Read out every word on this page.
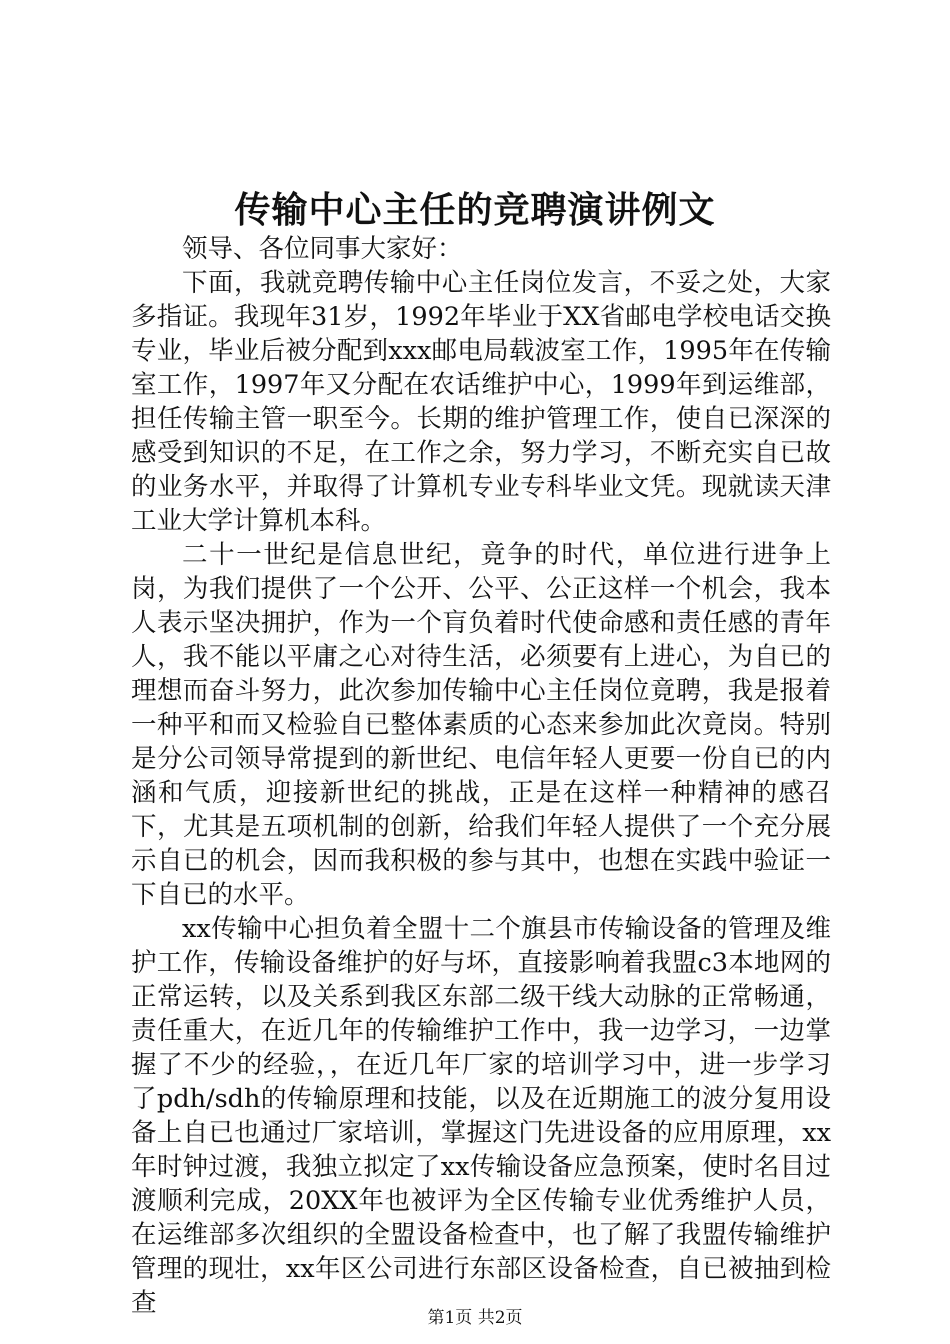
传输中心主任的竞聘演讲例文

领导、各位同事大家好：

下面，我就竞聘传输中心主任岗位发言，不妥之处，大家多指证。我现年31岁，1992年毕业于XX省邮电学校电话交换专业，毕业后被分配到xxx邮电局载波室工作，1995年在传输室工作，1997年又分配在农话维护中心，1999年到运维部，担任传输主管一职至今。长期的维护管理工作，使自已深深的感受到知识的不足，在工作之余，努力学习，不断充实自已故的业务水平，并取得了计算机专业专科毕业文凭。现就读天津工业大学计算机本科。

二十一世纪是信息世纪，竟争的时代，单位进行进争上岗，为我们提供了一个公开、公平、公正这样一个机会，我本人表示坚决拥护，作为一个肓负着时代使命感和责任感的青年人，我不能以平庸之心对待生活，必须要有上进心，为自已的理想而奋斗努力，此次参加传输中心主任岗位竟聘，我是报着一种平和而又检验自已整体素质的心态来参加此次竟岗。特别是分公司领导常提到的新世纪、电信年轻人更要一份自已的内涵和气质，迎接新世纪的挑战，正是在这样一种精神的感召下，尤其是五项机制的创新，给我们年轻人提供了一个充分展示自已的机会，因而我积极的参与其中，也想在实践中验证一下自已的水平。

xx传输中心担负着全盟十二个旗县市传输设备的管理及维护工作，传输设备维护的好与坏，直接影响着我盟c3本地网的正常运转，以及关系到我区东部二级干线大动脉的正常畅通，责任重大，在近几年的传输维护工作中，我一边学习，一边掌握了不少的经验，，在近几年厂家的培训学习中，进一步学习了pdh/sdh的传输原理和技能，以及在近期施工的波分复用设备上自已也通过厂家培训，掌握这门先进设备的应用原理，xx年时钟过渡，我独立拟定了xx传输设备应急预案，使时名目过渡顺利完成，20XX年也被评为全区传输专业优秀维护人员，在运维部多次组织的全盟设备检查中，也了解了我盟传输维护管理的现壮，xx年区公司进行东部区设备检查，自已被抽到检查	第1页 共2页
